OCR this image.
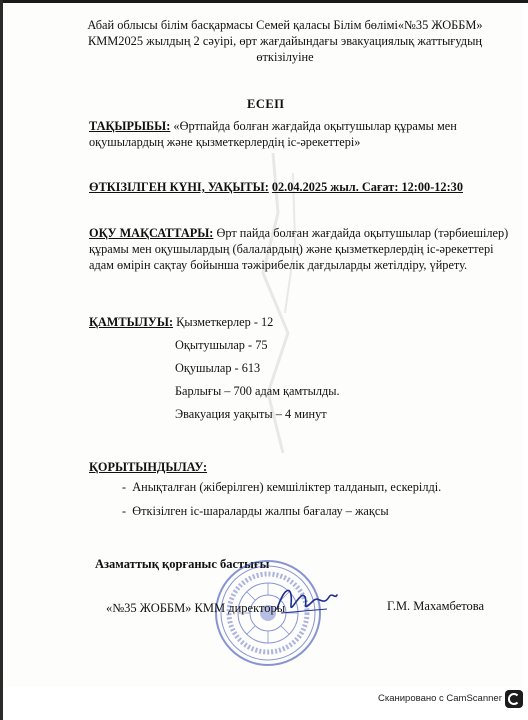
Абай облысы білім басқармасы Семей қаласы Білім бөлімі«№35 ЖОББМ»
КММ2025 жылдың 2 сәуірі, өрт жағдайындағы эвакуациялық жаттығудың
өткізілуіне
ЕСЕП
ТАҚЫРЫБЫ: «Өртпайда болған жағдайда оқытушылар құрамы мен оқушылардың және қызметкерлердің іс-әрекеттері»
ӨТКІЗІЛГЕН КҮНІ, УАҚЫТЫ: 02.04.2025 жыл. Сағат: 12:00-12:30
ОҚУ МАҚСАТТАРЫ: Өрт пайда болған жағдайда оқытушылар (тәрбиешілер) құрамы мен оқушылардың (балалардың) және қызметкерлердің іс-әрекеттері адам өмірін сақтау бойынша тәжірибелік дағдыларды жетілдіру, үйрету.
ҚАМТЫЛУЫ: Қызметкерлер - 12
Оқытушылар - 75
Оқушылар - 613
Барлығы – 700 адам қамтылды.
Эвакуация уақыты – 4 минут
ҚОРЫТЫНДЫЛАУ:
-  Анықталған (жіберілген) кемшіліктер талданып, ескерілді.
-  Өткізілген іс-шараларды жалпы бағалау – жақсы
Азаматтық қорғаныс бастығы
«№35 ЖОББМ» КММ директоры	Г.М. Махамбетова
Сканировано с CamScanner
